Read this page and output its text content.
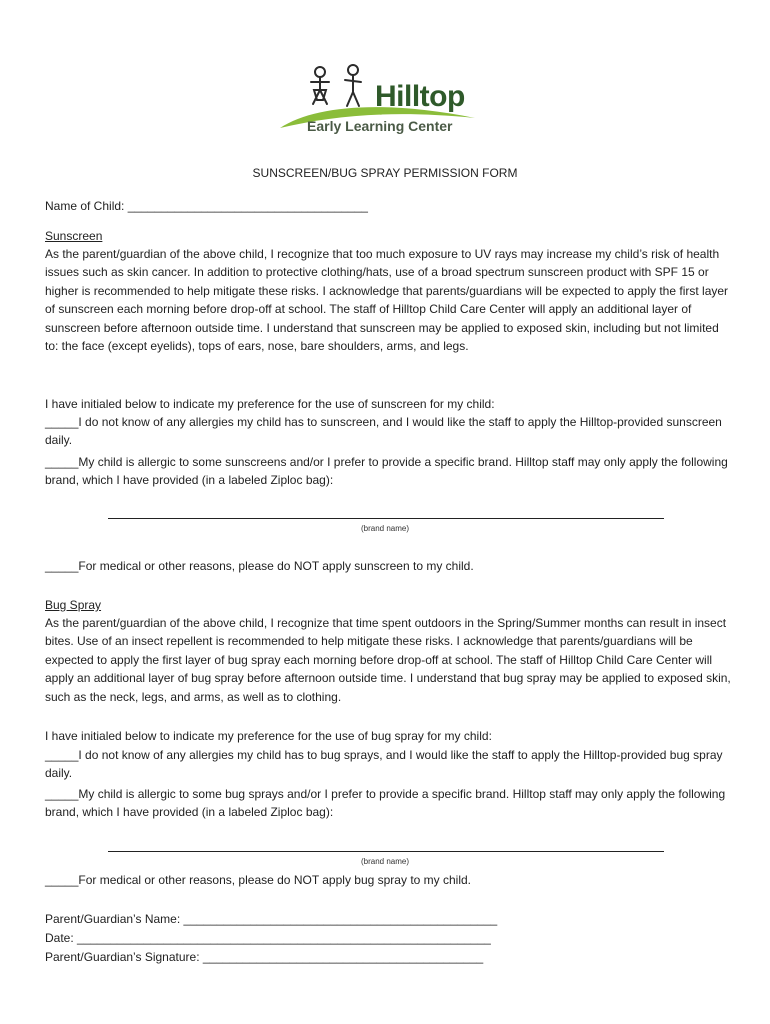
Hilltop
Early Learning Center
SUNSCREEN/BUG SPRAY PERMISSION FORM
Name of Child: ____________________________________
Sunscreen

As the parent/guardian of the above child, I recognize that too much exposure to UV rays may increase my child’s risk of health issues such as skin cancer. In addition to protective clothing/hats, use of a broad spectrum sunscreen product with SPF 15 or higher is recommended to help mitigate these risks. I acknowledge that parents/guardians will be expected to apply the first layer of sunscreen each morning before drop-off at school. The staff of Hilltop Child Care Center will apply an additional layer of sunscreen before afternoon outside time. I understand that sunscreen may be applied to exposed skin, including but not limited to: the face (except eyelids), tops of ears, nose, bare shoulders, arms, and legs.

I have initialed below to indicate my preference for the use of sunscreen for my child:
_____I do not know of any allergies my child has to sunscreen, and I would like the staff to apply the Hilltop-provided sunscreen daily.
_____My child is allergic to some sunscreens and/or I prefer to provide a specific brand. Hilltop staff may only apply the following brand, which I have provided (in a labeled Ziploc bag):
(brand name)
_____For medical or other reasons, please do NOT apply sunscreen to my child.
Bug Spray

As the parent/guardian of the above child, I recognize that time spent outdoors in the Spring/Summer months can result in insect bites. Use of an insect repellent is recommended to help mitigate these risks. I acknowledge that parents/guardians will be expected to apply the first layer of bug spray each morning before drop-off at school. The staff of Hilltop Child Care Center will apply an additional layer of bug spray before afternoon outside time. I understand that bug spray may be applied to exposed skin, such as the neck, legs, and arms, as well as to clothing.

I have initialed below to indicate my preference for the use of bug spray for my child:
_____I do not know of any allergies my child has to bug sprays, and I would like the staff to apply the Hilltop-provided bug spray daily.
_____My child is allergic to some bug sprays and/or I prefer to provide a specific brand. Hilltop staff may only apply the following brand, which I have provided (in a labeled Ziploc bag):
(brand name)
_____For medical or other reasons, please do NOT apply bug spray to my child.
Parent/Guardian’s Name: _______________________________________________
Date: ______________________________________________________________
Parent/Guardian’s Signature: __________________________________________
